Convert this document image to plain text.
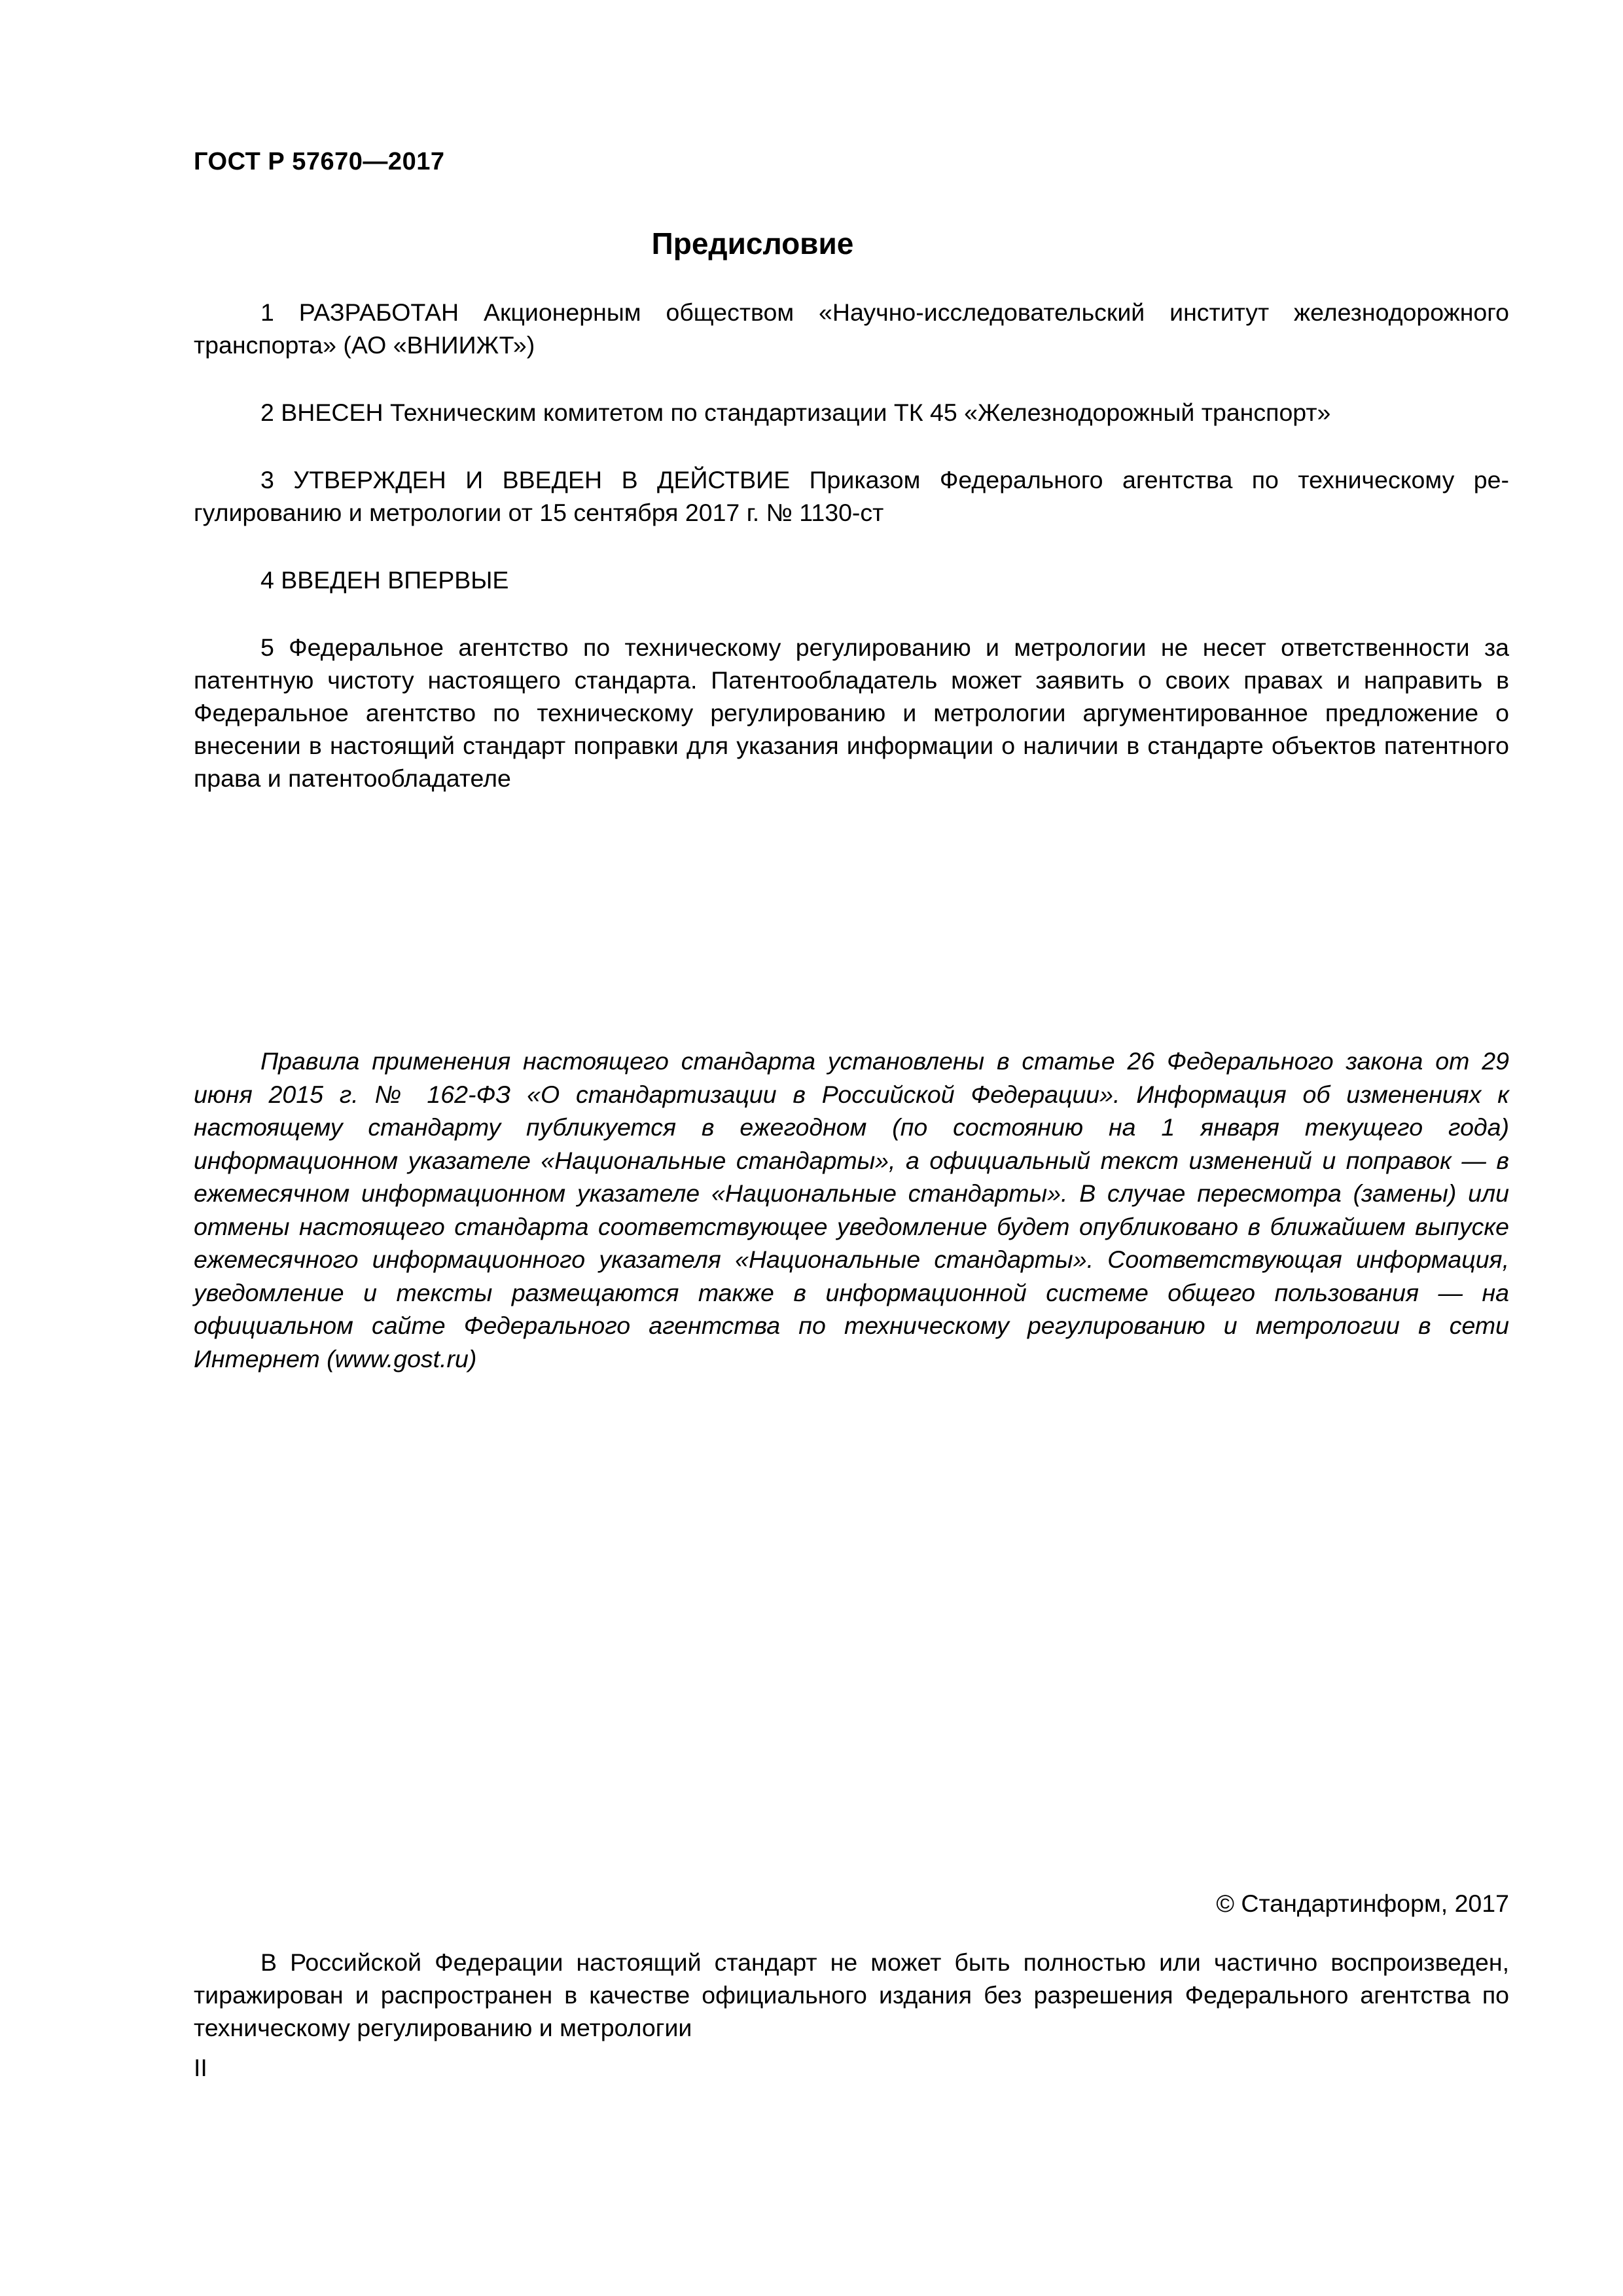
ГОСТ Р 57670—2017

Предисловие

1 РАЗРАБОТАН Акционерным обществом «Научно-исследовательский институт железнодорожного транспорта» (АО «ВНИИЖТ»)

2 ВНЕСЕН Техническим комитетом по стандартизации ТК 45 «Железнодорожный транспорт»

3 УТВЕРЖДЕН И ВВЕДЕН В ДЕЙСТВИЕ Приказом Федерального агентства по техническому регулированию и метрологии от 15 сентября 2017 г. № 1130-ст

4 ВВЕДЕН ВПЕРВЫЕ

5 Федеральное агентство по техническому регулированию и метрологии не несет ответственности за патентную чистоту настоящего стандарта. Патентообладатель может заявить о своих правах и направить в Федеральное агентство по техническому регулированию и метрологии аргументированное предложение о внесении в настоящий стандарт поправки для указания информации о наличии в стандарте объектов патентного права и патентообладателе

Правила применения настоящего стандарта установлены в статье 26 Федерального закона от 29 июня 2015 г. № 162-ФЗ «О стандартизации в Российской Федерации». Информация об изменениях к настоящему стандарту публикуется в ежегодном (по состоянию на 1 января текущего года) информационном указателе «Национальные стандарты», а официальный текст изменений и поправок — в ежемесячном информационном указателе «Национальные стандарты». В случае пересмотра (замены) или отмены настоящего стандарта соответствующее уведомление будет опубликовано в ближайшем выпуске ежемесячного информационного указателя «Национальные стандарты». Соответствующая информация, уведомление и тексты размещаются также в информационной системе общего пользования — на официальном сайте Федерального агентства по техническому регулированию и метрологии в сети Интернет (www.gost.ru)

© Стандартинформ, 2017

В Российской Федерации настоящий стандарт не может быть полностью или частично воспроизведен, тиражирован и распространен в качестве официального издания без разрешения Федерального агентства по техническому регулированию и метрологии

II
